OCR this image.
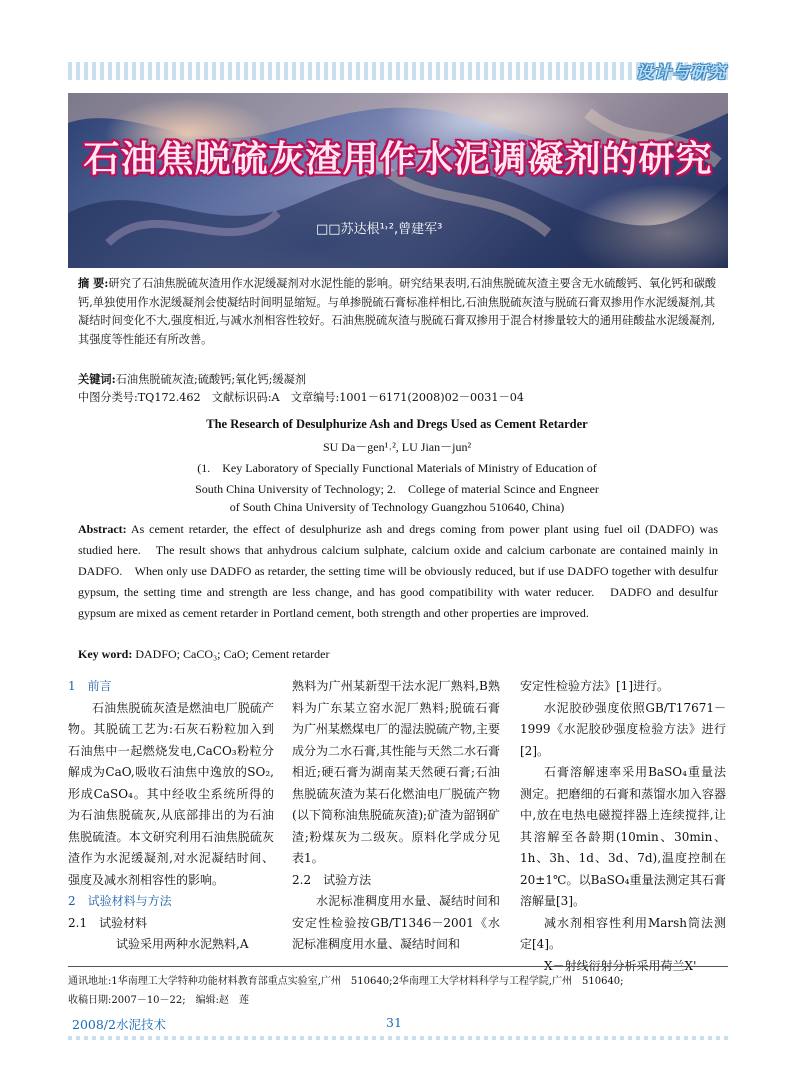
设计与研究
石油焦脱硫灰渣用作水泥调凝剂的研究
□□苏达根¹˒²,曾建军³
摘 要:研究了石油焦脱硫灰渣用作水泥缓凝剂对水泥性能的影响。研究结果表明,石油焦脱硫灰渣主要含无水硫酸钙、氧化钙和碳酸钙,单独使用作水泥缓凝剂会使凝结时间明显缩短。与单掺脱硫石膏标准样相比,石油焦脱硫灰渣与脱硫石膏双掺用作水泥缓凝剂,其凝结时间变化不大,强度相近,与减水剂相容性较好。石油焦脱硫灰渣与脱硫石膏双掺用于混合材掺量较大的通用硅酸盐水泥缓凝剂,其强度等性能还有所改善。
关键词:石油焦脱硫灰渣;硫酸钙;氧化钙;缓凝剂
中图分类号:TQ172.462　文献标识码:A　文章编号:1001－6171(2008)02－0031－04
The Research of Desulphurize Ash and Dregs Used as Cement Retarder
SU Da－gen¹˒², LU Jian－jun²
(1.　Key Laboratory of Specially Functional Materials of Ministry of Education of
South China University of Technology; 2.　College of material Scince and Engneer
of South China University of Technology Guangzhou 510640, China)
Abstract: As cement retarder, the effect of desulphurize ash and dregs coming from power plant using fuel oil (DADFO) was studied here.　The result shows that anhydrous calcium sulphate, calcium oxide and calcium carbonate are contained mainly in DADFO.　When only use DADFO as retarder, the setting time will be obviously reduced, but if use DADFO together with desulfur gypsum, the setting time and strength are less change, and has good compatibility with water reducer.　DADFO and desulfur gypsum are mixed as cement retarder in Portland cement, both strength and other properties are improved.
Key word: DADFO; CaCO₃; CaO; Cement retarder
1　前言

石油焦脱硫灰渣是燃油电厂脱硫产物。其脱硫工艺为:石灰石粉粒加入到石油焦中一起燃烧发电,CaCO₃粉粒分解成为CaO,吸收石油焦中逸放的SO₂,形成CaSO₄。其中经收尘系统所得的为石油焦脱硫灰,从底部排出的为石油焦脱硫渣。本文研究利用石油焦脱硫灰渣作为水泥缓凝剂,对水泥凝结时间、强度及减水剂相容性的影响。

2　试验材料与方法
2.1　试验材料

试验采用两种水泥熟料,A

熟料为广州某新型干法水泥厂熟料,B熟料为广东某立窑水泥厂熟料;脱硫石膏为广州某燃煤电厂的湿法脱硫产物,主要成分为二水石膏,其性能与天然二水石膏相近;硬石膏为湖南某天然硬石膏;石油焦脱硫灰渣为某石化燃油电厂脱硫产物(以下简称油焦脱硫灰渣);矿渣为韶钢矿渣;粉煤灰为二级灰。原料化学成分见表1。

2.2　试验方法

水泥标准稠度用水量、凝结时间和安定性检验按GB/T1346－2001《水泥标准稠度用水量、凝结时间和

安定性检验方法》[1]进行。

水泥胶砂强度依照GB/T17671－1999《水泥胶砂强度检验方法》进行[2]。

石膏溶解速率采用BaSO₄重量法测定。把磨细的石膏和蒸馏水加入容器中,放在电热电磁搅拌器上连续搅拌,让其溶解至各龄期(10min、30min、1h、3h、1d、3d、7d),温度控制在20±1℃。以BaSO₄重量法测定其石膏溶解量[3]。

减水剂相容性利用Marsh筒法测定[4]。

X－射线衍射分析采用荷兰X'

通讯地址:1华南理工大学特种功能材料教育部重点实验室,广州　510640;2华南理工大学材料科学与工程学院,广州　510640;
收稿日期:2007－10－22;　编辑:赵　莲
2008/2水泥技术	31
